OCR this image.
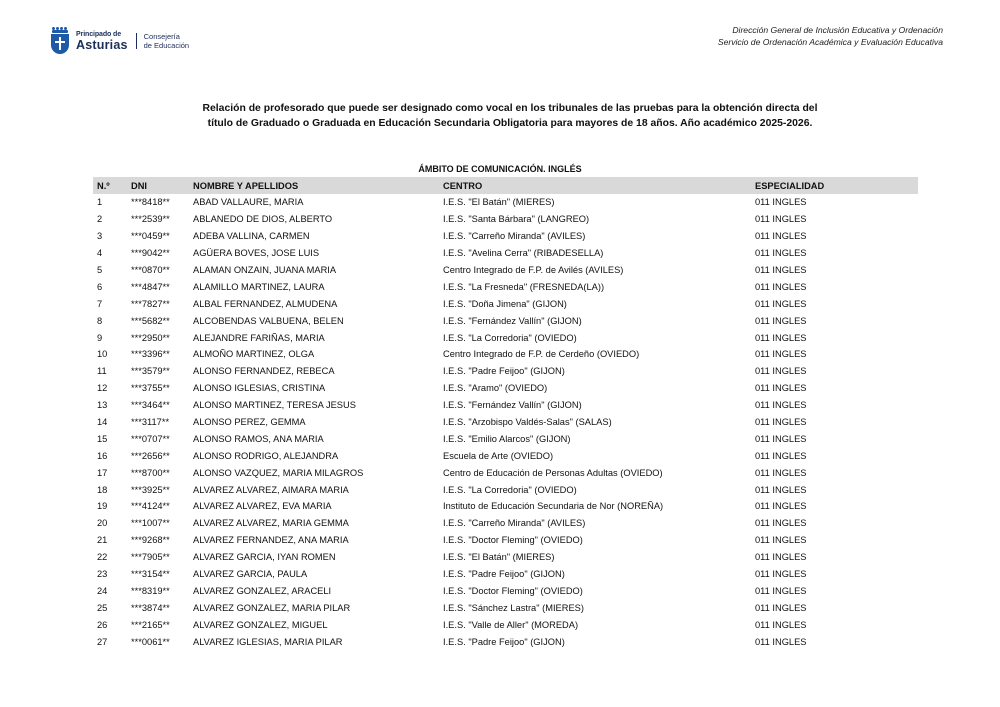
Principado de
Asturias
Consejería
de Educación
Dirección General de Inclusión Educativa y Ordenación
Servicio de Ordenación Académica y Evaluación Educativa
Relación de profesorado que puede ser designado como vocal en los tribunales de las pruebas para la obtención directa del
título de Graduado o Graduada en Educación Secundaria Obligatoria para mayores de 18 años. Año académico 2025-2026.
ÁMBITO DE COMUNICACIÓN. INGLÉS
N.º	DNI	NOMBRE Y APELLIDOS	CENTRO	ESPECIALIDAD
1	***8418**	ABAD VALLAURE, MARIA	I.E.S. "El Batán" (MIERES)	011 INGLES
2	***2539**	ABLANEDO DE DIOS, ALBERTO	I.E.S. "Santa Bárbara" (LANGREO)	011 INGLES
3	***0459**	ADEBA VALLINA, CARMEN	I.E.S. "Carreño Miranda" (AVILES)	011 INGLES
4	***9042**	AGÜERA BOVES, JOSE LUIS	I.E.S. "Avelina Cerra" (RIBADESELLA)	011 INGLES
5	***0870**	ALAMAN ONZAIN, JUANA MARIA	Centro Integrado de F.P. de Avilés (AVILES)	011 INGLES
6	***4847**	ALAMILLO MARTINEZ, LAURA	I.E.S. "La Fresneda" (FRESNEDA(LA))	011 INGLES
7	***7827**	ALBAL FERNANDEZ, ALMUDENA	I.E.S. "Doña Jimena" (GIJON)	011 INGLES
8	***5682**	ALCOBENDAS VALBUENA, BELEN	I.E.S. "Fernández Vallín" (GIJON)	011 INGLES
9	***2950**	ALEJANDRE FARIÑAS, MARIA	I.E.S. "La Corredoria" (OVIEDO)	011 INGLES
10	***3396**	ALMOÑO MARTINEZ, OLGA	Centro Integrado de F.P. de Cerdeño (OVIEDO)	011 INGLES
11	***3579**	ALONSO FERNANDEZ, REBECA	I.E.S. "Padre Feijoo" (GIJON)	011 INGLES
12	***3755**	ALONSO IGLESIAS, CRISTINA	I.E.S. "Aramo" (OVIEDO)	011 INGLES
13	***3464**	ALONSO MARTINEZ, TERESA JESUS	I.E.S. "Fernández Vallín" (GIJON)	011 INGLES
14	***3117**	ALONSO PEREZ, GEMMA	I.E.S. "Arzobispo Valdés-Salas" (SALAS)	011 INGLES
15	***0707**	ALONSO RAMOS, ANA MARIA	I.E.S. "Emilio Alarcos" (GIJON)	011 INGLES
16	***2656**	ALONSO RODRIGO, ALEJANDRA	Escuela de Arte (OVIEDO)	011 INGLES
17	***8700**	ALONSO VAZQUEZ, MARIA MILAGROS	Centro de Educación de Personas Adultas (OVIEDO)	011 INGLES
18	***3925**	ALVAREZ ALVAREZ, AIMARA MARIA	I.E.S. "La Corredoria" (OVIEDO)	011 INGLES
19	***4124**	ALVAREZ ALVAREZ, EVA MARIA	Instituto de Educación Secundaria de Nor (NOREÑA)	011 INGLES
20	***1007**	ALVAREZ ALVAREZ, MARIA GEMMA	I.E.S. "Carreño Miranda" (AVILES)	011 INGLES
21	***9268**	ALVAREZ FERNANDEZ, ANA MARIA	I.E.S. "Doctor Fleming" (OVIEDO)	011 INGLES
22	***7905**	ALVAREZ GARCIA, IYAN ROMEN	I.E.S. "El Batán" (MIERES)	011 INGLES
23	***3154**	ALVAREZ GARCIA, PAULA	I.E.S. "Padre Feijoo" (GIJON)	011 INGLES
24	***8319**	ALVAREZ GONZALEZ, ARACELI	I.E.S. "Doctor Fleming" (OVIEDO)	011 INGLES
25	***3874**	ALVAREZ GONZALEZ, MARIA PILAR	I.E.S. "Sánchez Lastra" (MIERES)	011 INGLES
26	***2165**	ALVAREZ GONZALEZ, MIGUEL	I.E.S. "Valle de Aller" (MOREDA)	011 INGLES
27	***0061**	ALVAREZ IGLESIAS, MARIA PILAR	I.E.S. "Padre Feijoo" (GIJON)	011 INGLES
